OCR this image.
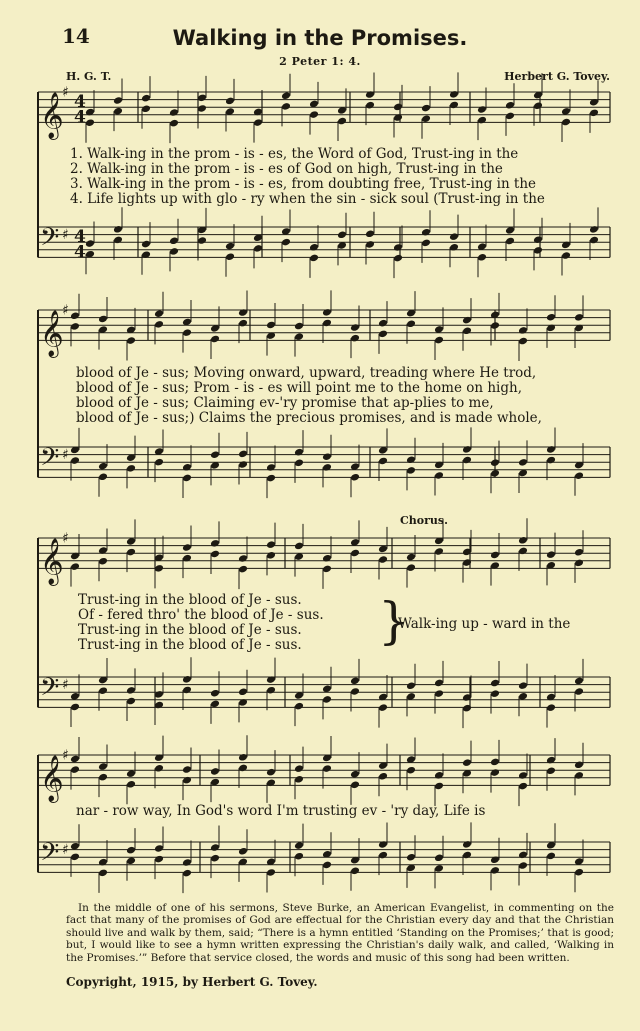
14	Walking in the Promises.
2 Peter 1: 4.
H. G. T.	Herbert G. Tovey.
𝄞
♯ 4
4
𝄢 ♯ 4
4
𝄞
♯
𝄢 ♯
𝄞
♯
𝄢 ♯
𝄞
♯
𝄢 ♯
1. Walk-ing in the prom - is - es, the Word of God, Trust-ing in the
2. Walk-ing in the prom - is - es of God on high, Trust-ing in the
3. Walk-ing in the prom - is - es, from doubting free, Trust-ing in the
4. Life lights up with glo - ry when the sin - sick soul (Trust-ing in the
blood of Je - sus; Moving onward, upward, treading where He trod,
blood of Je - sus; Prom - is - es will point me to the home on high,
blood of Je - sus; Claiming ev-'ry promise that ap-plies to me,
blood of Je - sus;) Claims the precious promises, and is made whole,
Chorus.
Trust-ing in the blood of Je - sus.
Of - fered thro' the blood of Je - sus.
Trust-ing in the blood of Je - sus.
Trust-ing in the blood of Je - sus. }
Walk-ing up - ward in the
nar - row way, In God's word I'm trusting ev - 'ry day, Life is
In the middle of one of his sermons, Steve Burke, an American Evangelist, in commenting on the fact that many of the promises of God are effectual for the Christian every day and that the Christian should live and walk by them, said; “There is a hymn entitled ‘Standing on the Promises;’ that is good; but, I would like to see a hymn written expressing the Christian's daily walk, and called, ‘Walking in the Promises.’” Before that service closed, the words and music of this song had been written.
Copyright, 1915, by Herbert G. Tovey.
